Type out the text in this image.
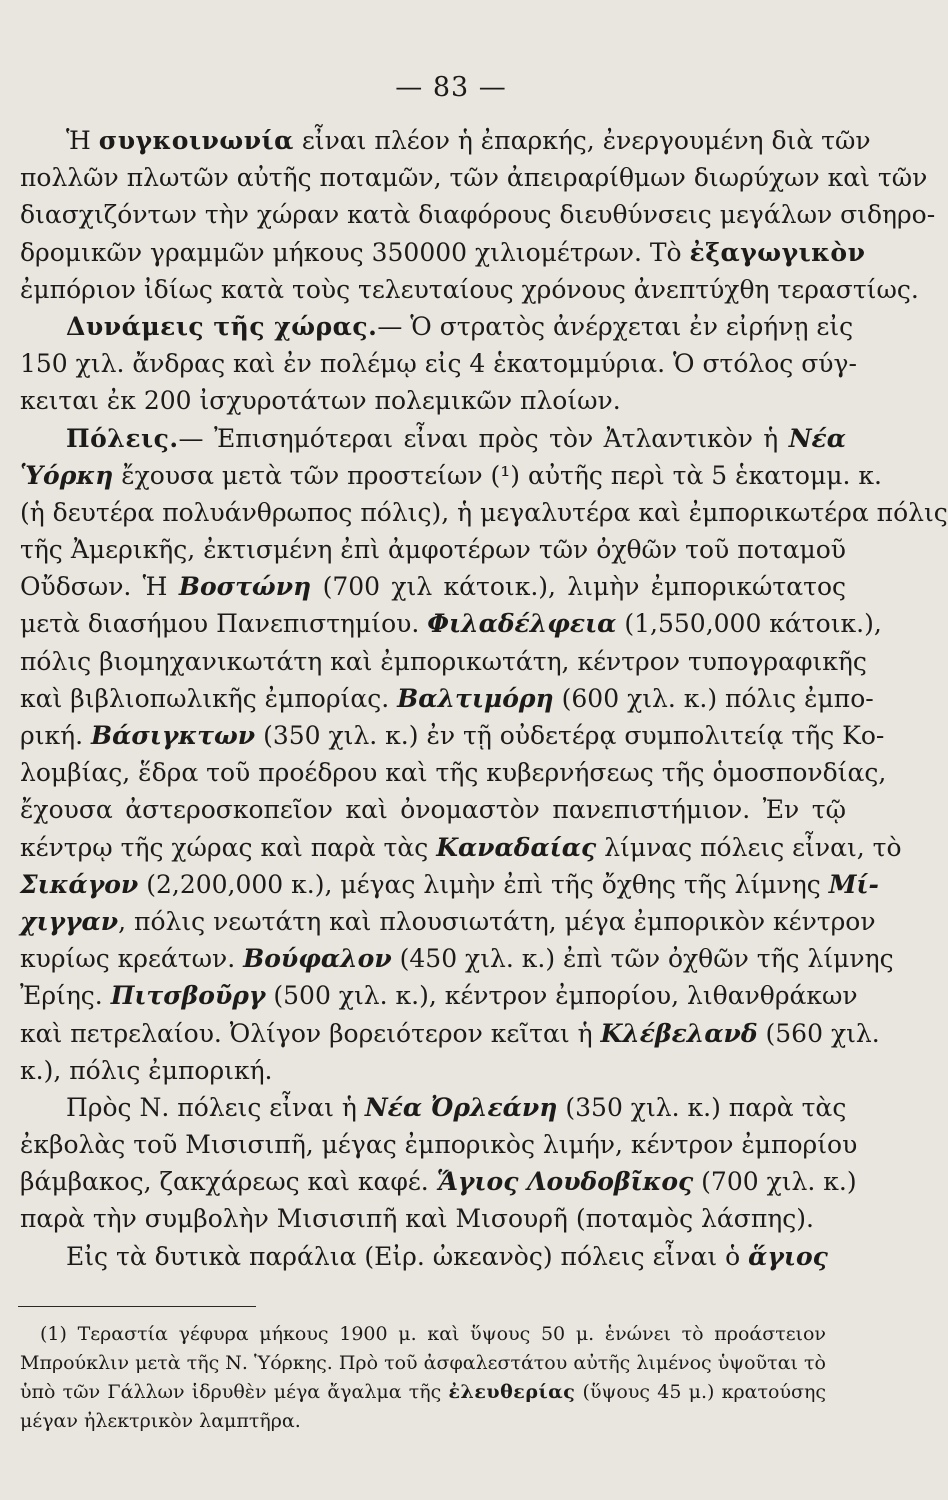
— 83 —
Ἡ συγκοινωνία εἶναι πλέον ἡ ἐπαρκής, ἐνεργουμένη διὰ τῶν
πολλῶν πλωτῶν αὐτῆς ποταμῶν, τῶν ἀπειραρίθμων διωρύχων καὶ τῶν
διασχιζόντων τὴν χώραν κατὰ διαφόρους διευθύνσεις μεγάλων σιδηρο-
δρομικῶν γραμμῶν μήκους 350000 χιλιομέτρων. Τὸ ἐξαγωγικὸν
ἐμπόριον ἰδίως κατὰ τοὺς τελευταίους χρόνους ἀνεπτύχθη τεραστίως.
Δυνάμεις τῆς χώρας.— Ὁ στρατὸς ἀνέρχεται ἐν εἰρήνῃ εἰς
150 χιλ. ἄνδρας καὶ ἐν πολέμῳ εἰς 4 ἑκατομμύρια. Ὁ στόλος σύγ-
κειται ἐκ 200 ἰσχυροτάτων πολεμικῶν πλοίων.
Πόλεις.— Ἐπισημότεραι εἶναι πρὸς τὸν Ἀτλαντικὸν ἡ Νέα
Ὑόρκη ἔχουσα μετὰ τῶν προστείων (¹) αὐτῆς περὶ τὰ 5 ἑκατομμ. κ.
(ἡ δευτέρα πολυάνθρωπος πόλις), ἡ μεγαλυτέρα καὶ ἐμπορικωτέρα πόλις
τῆς Ἀμερικῆς, ἐκτισμένη ἐπὶ ἀμφοτέρων τῶν ὀχθῶν τοῦ ποταμοῦ
Οὔδσων. Ἡ Βοστώνη (700 χιλ κάτοικ.), λιμὴν ἐμπορικώτατος
μετὰ διασήμου Πανεπιστημίου. Φιλαδέλφεια (1,550,000 κάτοικ.),
πόλις βιομηχανικωτάτη καὶ ἐμπορικωτάτη, κέντρον τυπογραφικῆς
καὶ βιβλιοπωλικῆς ἐμπορίας. Βαλτιμόρη (600 χιλ. κ.) πόλις ἐμπο-
ρική. Βάσιγκτων (350 χιλ. κ.) ἐν τῇ οὐδετέρᾳ συμπολιτείᾳ τῆς Κο-
λομβίας, ἕδρα τοῦ προέδρου καὶ τῆς κυβερνήσεως τῆς ὁμοσπονδίας,
ἔχουσα ἀστεροσκοπεῖον καὶ ὀνομαστὸν πανεπιστήμιον. Ἐν τῷ
κέντρῳ τῆς χώρας καὶ παρὰ τὰς Καναδαίας λίμνας πόλεις εἶναι, τὸ
Σικάγον (2,200,000 κ.), μέγας λιμὴν ἐπὶ τῆς ὄχθης τῆς λίμνης Μί-
χιγγαν, πόλις νεωτάτη καὶ πλουσιωτάτη, μέγα ἐμπορικὸν κέντρον
κυρίως κρεάτων. Βούφαλον (450 χιλ. κ.) ἐπὶ τῶν ὀχθῶν τῆς λίμνης
Ἐρίης. Πιτσβοῦργ (500 χιλ. κ.), κέντρον ἐμπορίου, λιθανθράκων
καὶ πετρελαίου. Ὀλίγον βορειότερον κεῖται ἡ Κλέβελανδ (560 χιλ.
κ.), πόλις ἐμπορική.
Πρὸς Ν. πόλεις εἶναι ἡ Νέα Ὀρλεάνη (350 χιλ. κ.) παρὰ τὰς
ἐκβολὰς τοῦ Μισισιπῆ, μέγας ἐμπορικὸς λιμήν, κέντρον ἐμπορίου
βάμβακος, ζακχάρεως καὶ καφέ. Ἅγιος Λουδοβῖκος (700 χιλ. κ.)
παρὰ τὴν συμβολὴν Μισισιπῆ καὶ Μισουρῆ (ποταμὸς λάσπης).
Εἰς τὰ δυτικὰ παράλια (Εἰρ. ὠκεανὸς) πόλεις εἶναι ὁ ἅγιος
(1) Τεραστία γέφυρα μήκους 1900 μ. καὶ ὕψους 50 μ. ἑνώνει τὸ προάστειον
Μπρούκλιν μετὰ τῆς Ν. Ὑόρκης. Πρὸ τοῦ ἀσφαλεστάτου αὐτῆς λιμένος ὑψοῦται τὸ
ὑπὸ τῶν Γάλλων ἱδρυθὲν μέγα ἄγαλμα τῆς ἐλευθερίας (ὕψους 45 μ.) κρατούσης
μέγαν ἠλεκτρικὸν λαμπτῆρα.
